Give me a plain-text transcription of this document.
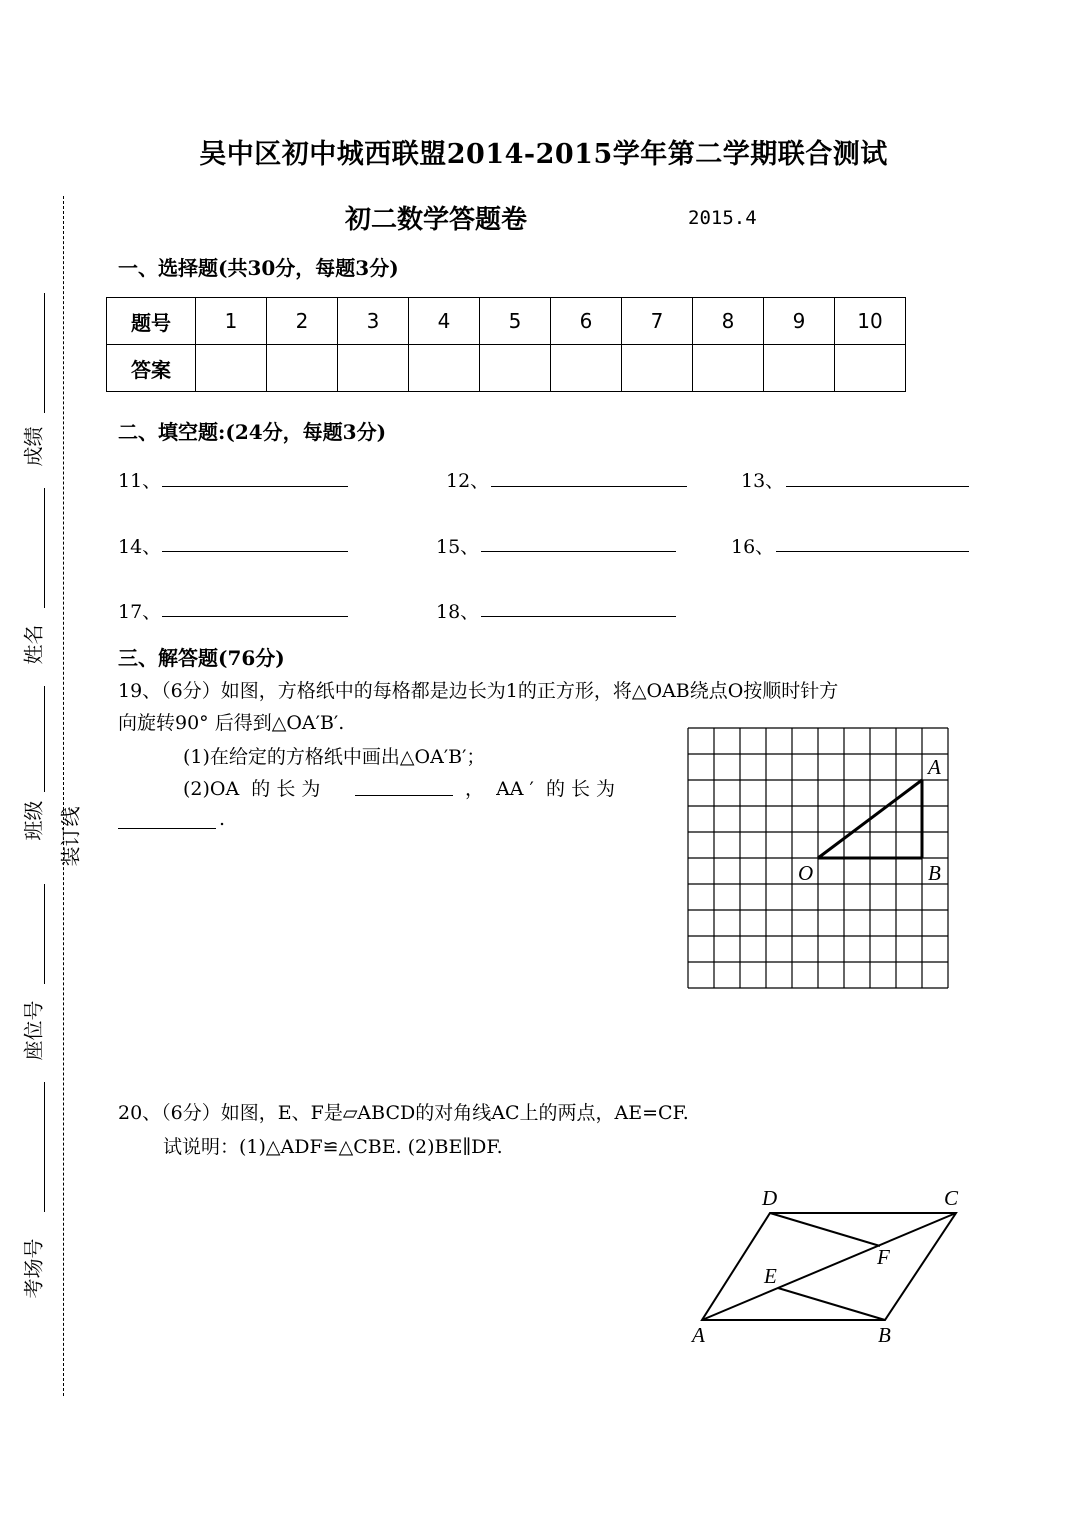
吴中区初中城西联盟2014-2015学年第二学期联合测试
初二数学答题卷	2015.4
成绩
姓名
班级 装订线
座位号
考场号
一、选择题(共30分，每题3分)
题号	1	2	3	4	5	6	7	8	9	10
答案										
二、填空题:(24分，每题3分)
11、	12、	13、
14、	15、	16、
17、	18、
三、解答题(76分)
19、（6分）如图，方格纸中的每格都是边长为1的正方形，将△OAB绕点O按顺时针方
向旋转90° 后得到△OA′B′.
(1)在给定的方格纸中画出△OA′B′；
(2)OA  的 长 为	，  AA ′  的 长 为
.
A
O	B
20、（6分）如图，E、F是▱ABCD的对角线AC上的两点，AE=CF.
试说明：(1)△ADF≌△CBE. (2)BE∥DF.
D	C
F
E
A	B
